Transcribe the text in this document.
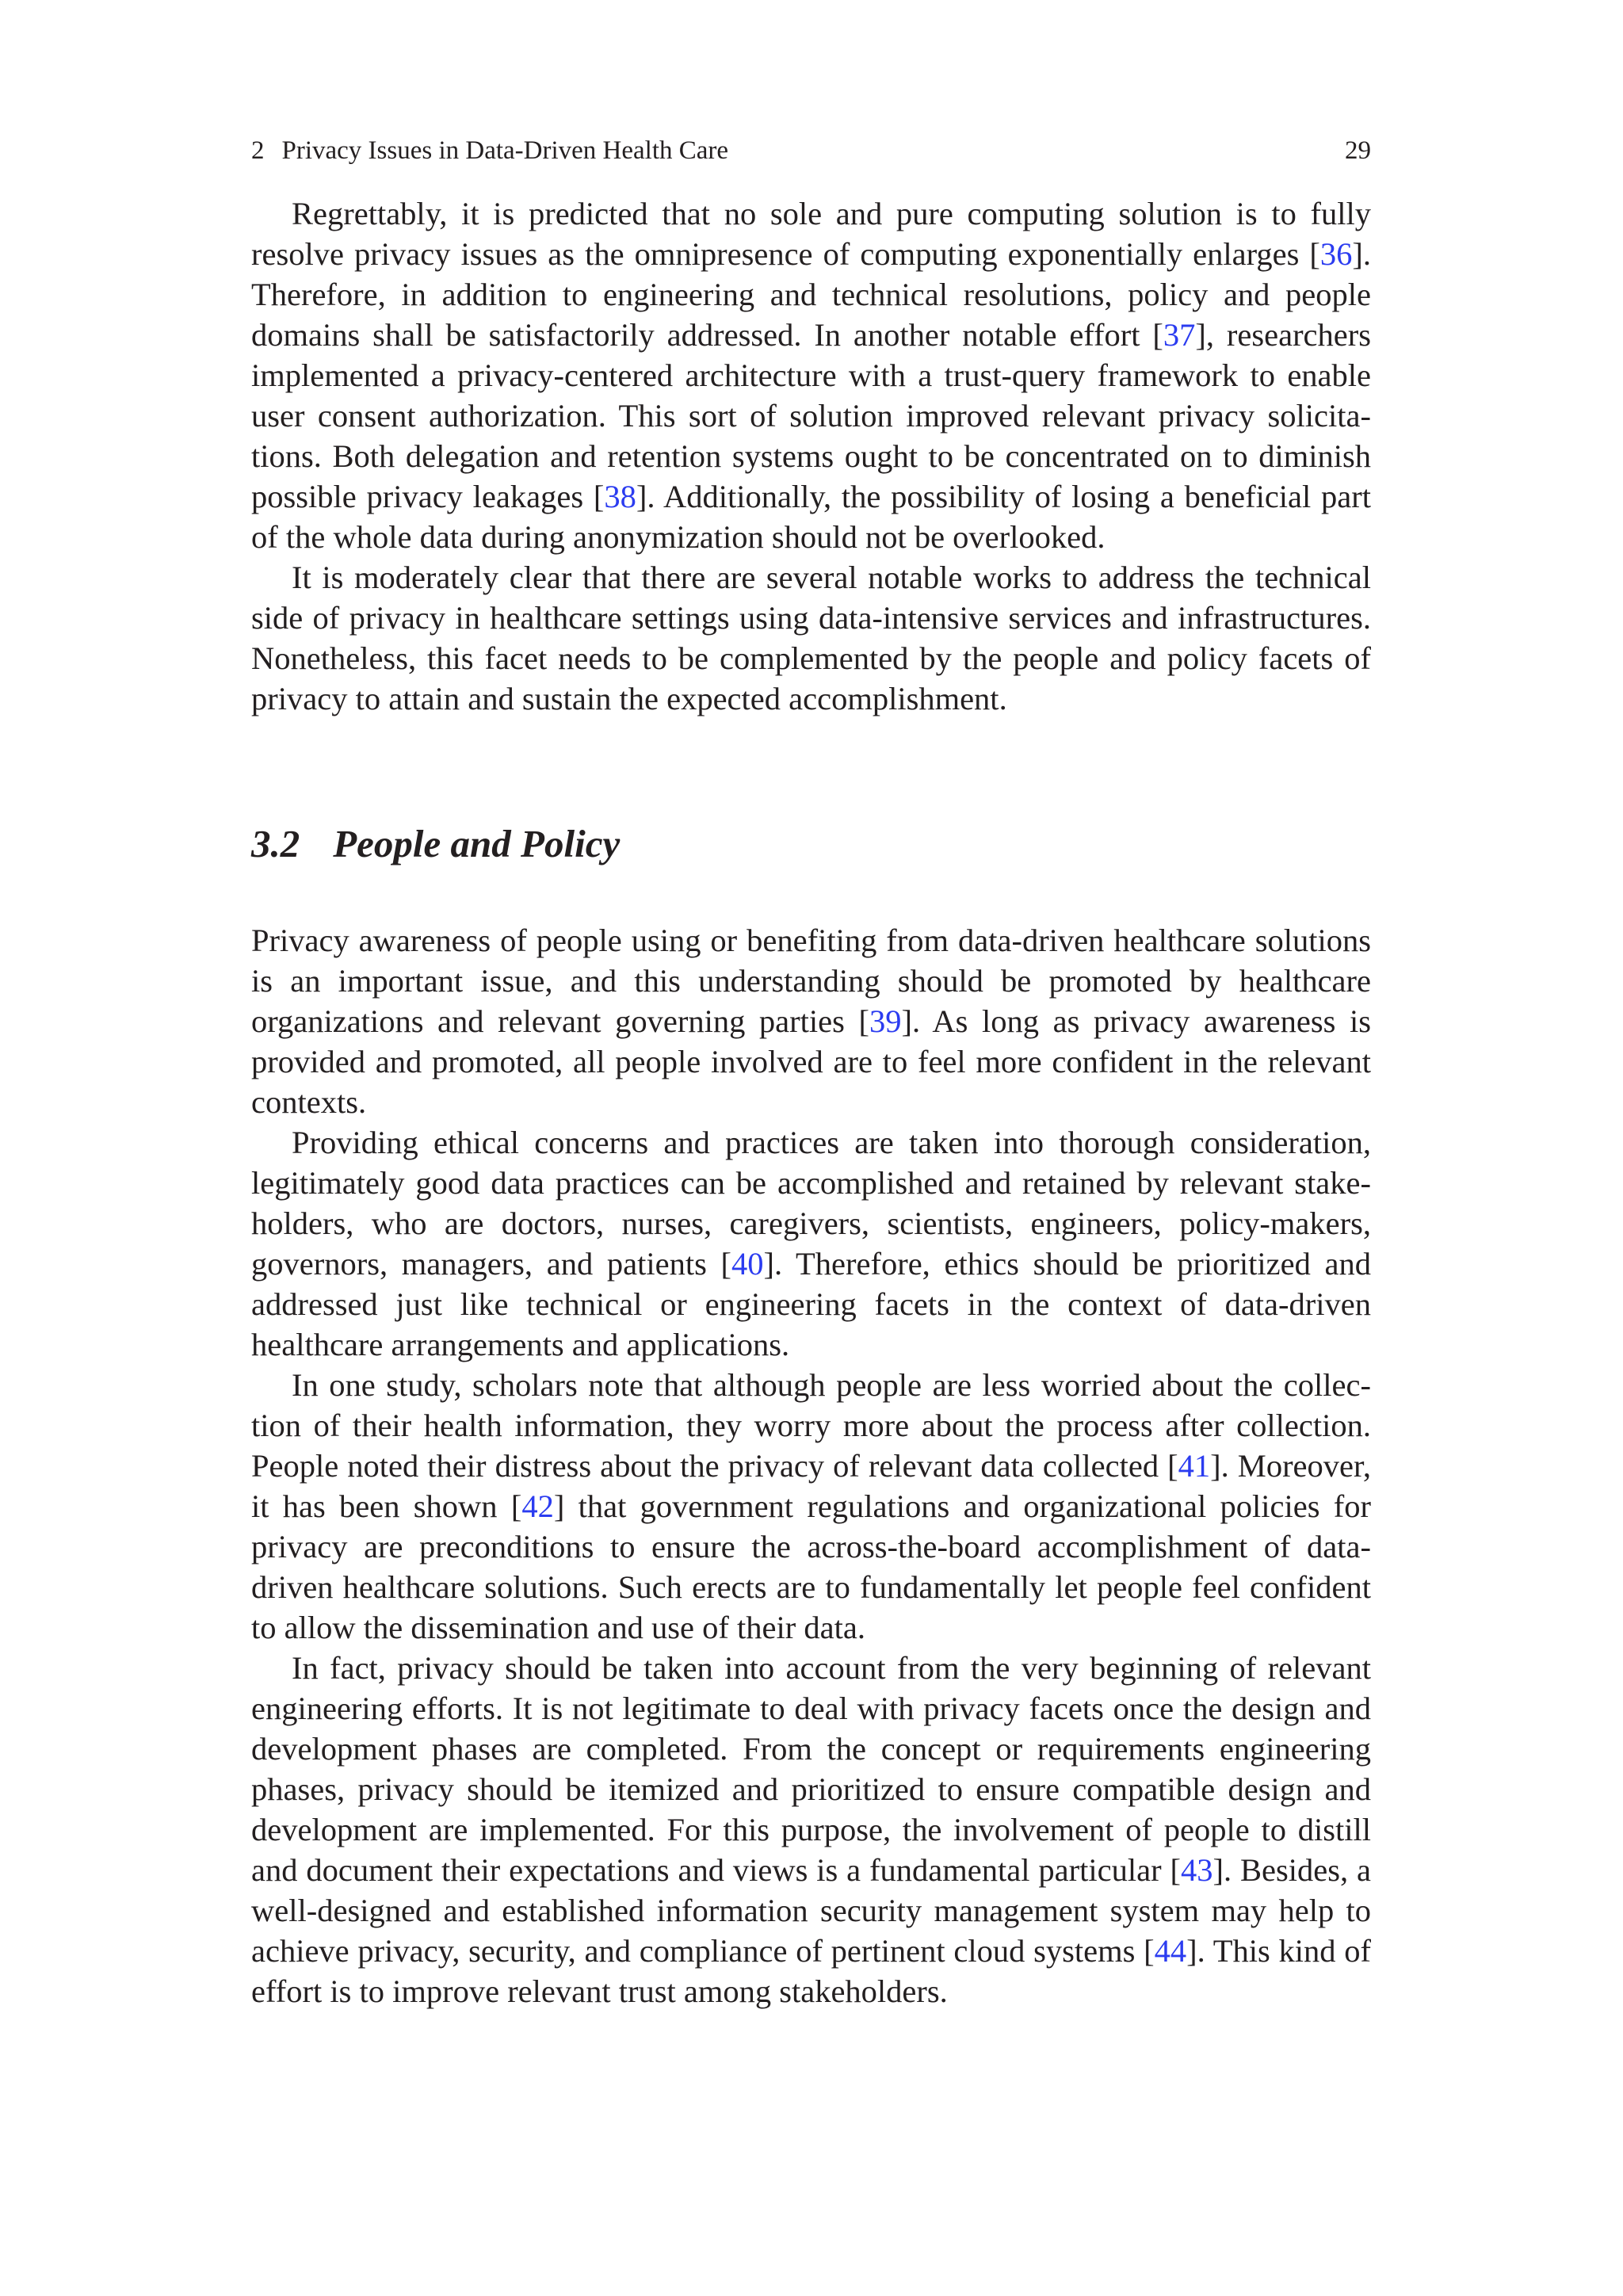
2 Privacy Issues in Data-Driven Health Care	29

Regrettably, it is predicted that no sole and pure computing solution is to fully resolve privacy issues as the omnipresence of computing exponentially enlarges [36]. Therefore, in addition to engineering and technical resolutions, policy and people domains shall be satisfactorily addressed. In another notable effort [37], researchers implemented a privacy-centered architecture with a trust-query framework to enable user consent authorization. This sort of solution improved relevant privacy solicitations. Both delegation and retention systems ought to be concentrated on to diminish possible privacy leakages [38]. Additionally, the possibility of losing a beneficial part of the whole data during anonymization should not be overlooked.

It is moderately clear that there are several notable works to address the technical side of privacy in healthcare settings using data-intensive services and infrastructures. Nonetheless, this facet needs to be complemented by the people and policy facets of privacy to attain and sustain the expected accomplishment.

3.2 People and Policy

Privacy awareness of people using or benefiting from data-driven healthcare solutions is an important issue, and this understanding should be promoted by healthcare organizations and relevant governing parties [39]. As long as privacy awareness is provided and promoted, all people involved are to feel more confident in the relevant contexts.

Providing ethical concerns and practices are taken into thorough consideration, legitimately good data practices can be accomplished and retained by relevant stakeholders, who are doctors, nurses, caregivers, scientists, engineers, policy-makers, governors, managers, and patients [40]. Therefore, ethics should be prioritized and addressed just like technical or engineering facets in the context of data-driven healthcare arrangements and applications.

In one study, scholars note that although people are less worried about the collection of their health information, they worry more about the process after collection. People noted their distress about the privacy of relevant data collected [41]. Moreover, it has been shown [42] that government regulations and organizational policies for privacy are preconditions to ensure the across-the-board accomplishment of data-driven healthcare solutions. Such erects are to fundamentally let people feel confident to allow the dissemination and use of their data.

In fact, privacy should be taken into account from the very beginning of relevant engineering efforts. It is not legitimate to deal with privacy facets once the design and development phases are completed. From the concept or requirements engineering phases, privacy should be itemized and prioritized to ensure compatible design and development are implemented. For this purpose, the involvement of people to distill and document their expectations and views is a fundamental particular [43]. Besides, a well-designed and established information security management system may help to achieve privacy, security, and compliance of pertinent cloud systems [44]. This kind of effort is to improve relevant trust among stakeholders.
